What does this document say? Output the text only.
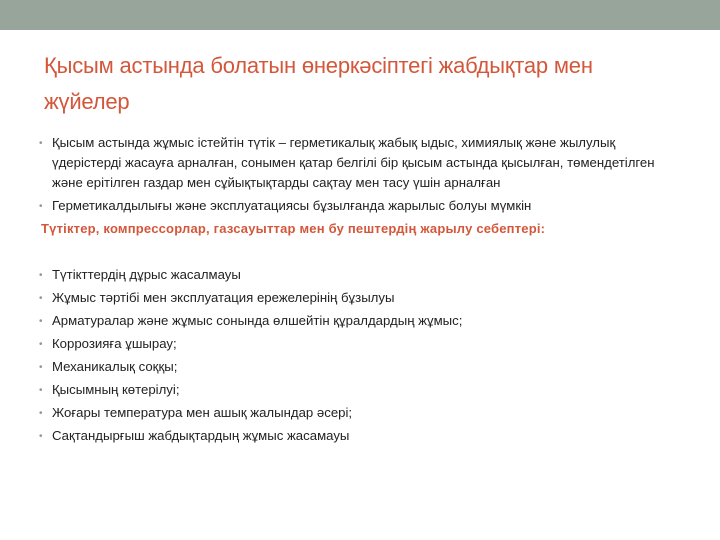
Қысым астында болатын өнеркәсіптегі жабдықтар мен жүйелер
• Қысым астында жұмыс істейтін түтік – герметикалық жабық ыдыс, химиялық және жылулық үдерістерді жасауға арналған, сонымен қатар белгілі бір қысым астында қысылған, төмендетілген және ерітілген газдар мен сұйықтықтарды сақтау мен тасу үшін арналған
• Герметикалдылығы және эксплуатациясы бұзылғанда жарылыс болуы мүмкін
Түтіктер, компрессорлар, газсауыттар мен бу пештердің жарылу себептері:
• Түтікттердің дұрыс жасалмауы
• Жұмыс тәртібі мен эксплуатация ережелерінің бұзылуы
• Арматуралар және жұмыс сонында өлшейтін құралдардың жұмыс;
• Коррозияға ұшырау;
• Механикалық соққы;
• Қысымның көтерілуі;
• Жоғары температура мен ашық жалындар әсері;
• Сақтандырғыш жабдықтардың жұмыс жасамауы
